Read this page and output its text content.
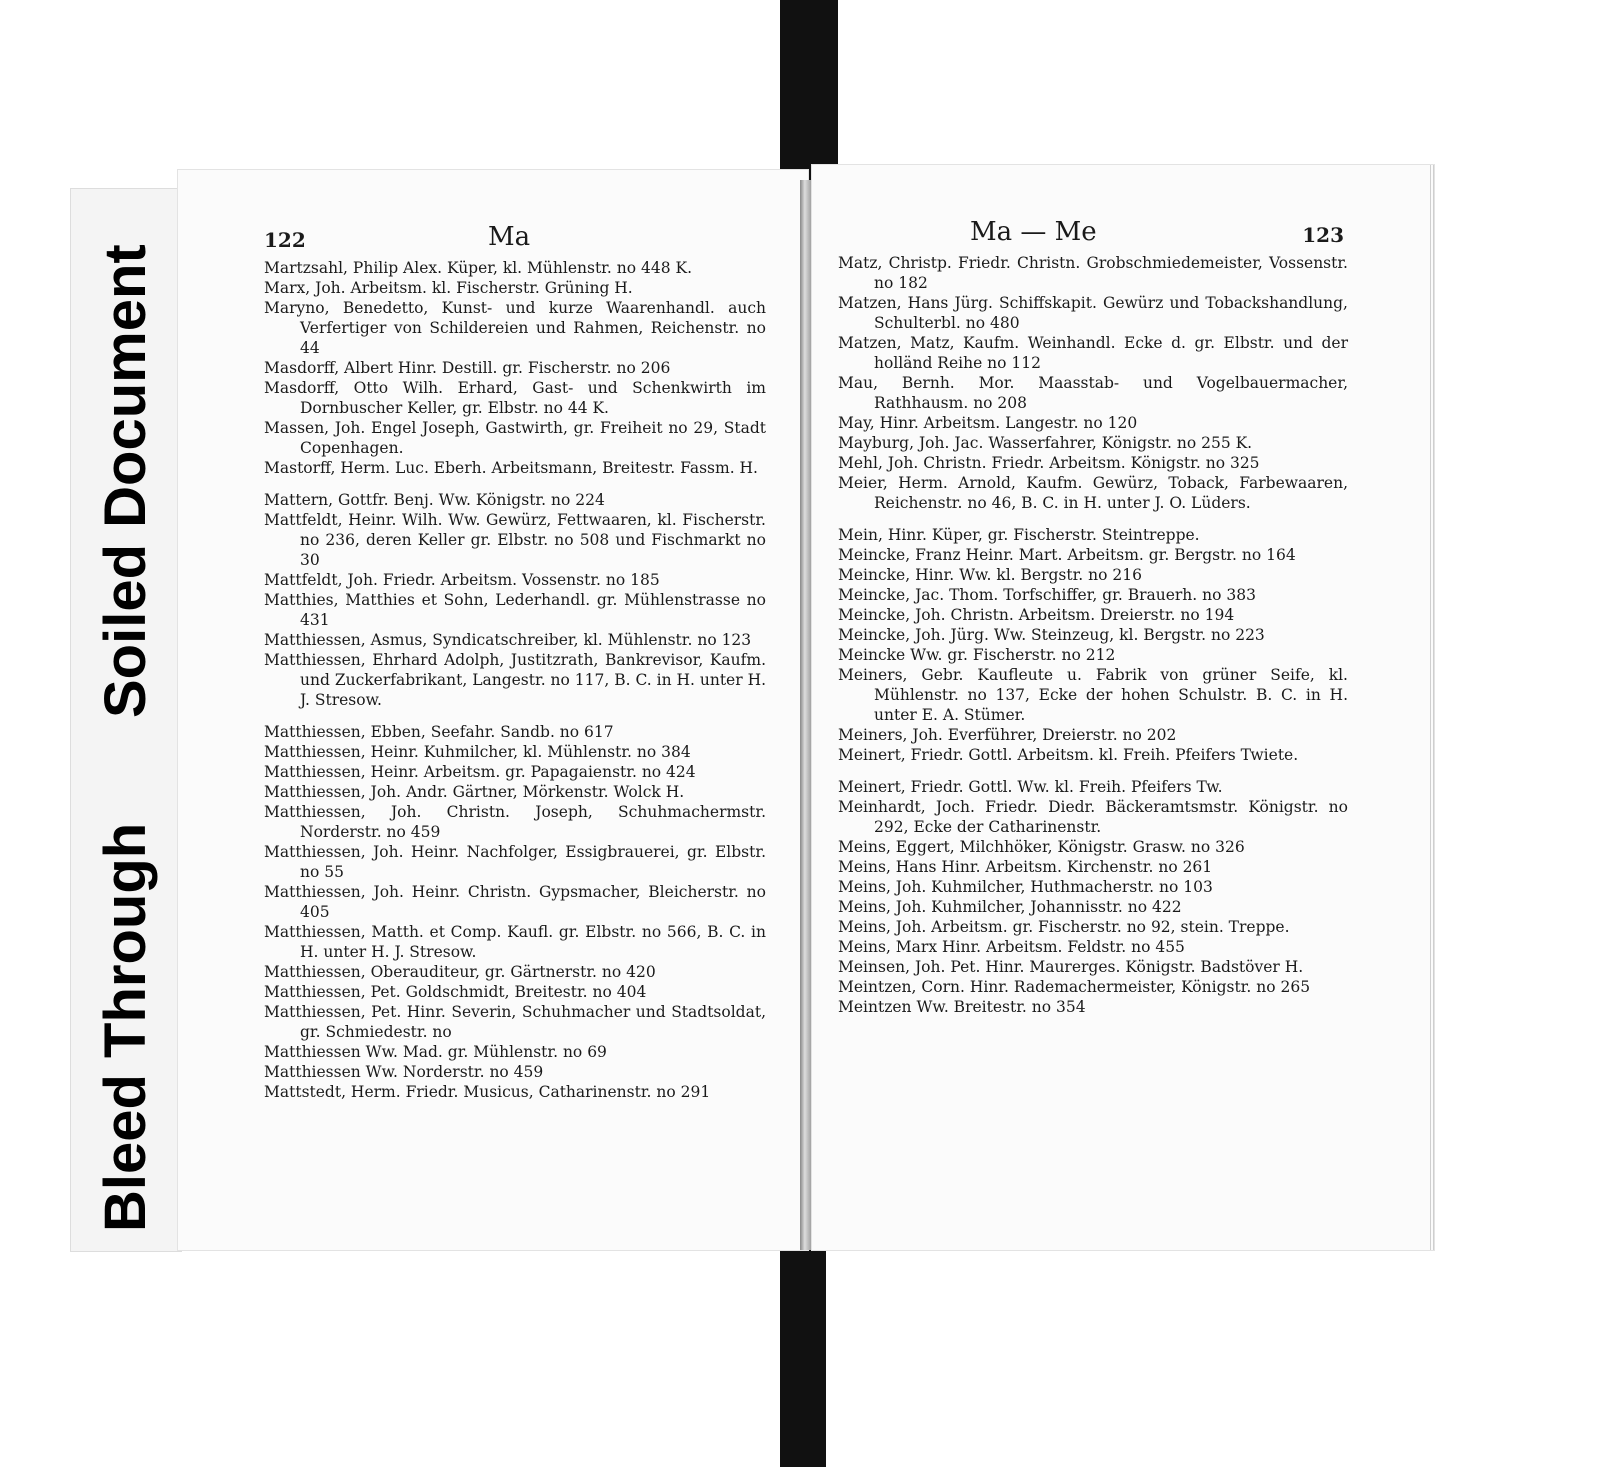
Soiled Document
Bleed Through
122	Ma

Martzsahl, Philip Alex. Küper, kl. Mühlenstr. no 448 K.

Marx, Joh. Arbeitsm. kl. Fischerstr. Grüning H.

Maryno, Benedetto, Kunst- und kurze Waarenhandl. auch Verfertiger von Schildereien und Rahmen, Reichenstr. no 44

Masdorff, Albert Hinr. Destill. gr. Fischerstr. no 206

Masdorff, Otto Wilh. Erhard, Gast- und Schenkwirth im Dornbuscher Keller, gr. Elbstr. no 44 K.

Massen, Joh. Engel Joseph, Gastwirth, gr. Freiheit no 29, Stadt Copenhagen.

Mastorff, Herm. Luc. Eberh. Arbeitsmann, Breitestr. Fassm. H.

Mattern, Gottfr. Benj. Ww. Königstr. no 224

Mattfeldt, Heinr. Wilh. Ww. Gewürz, Fettwaaren, kl. Fischerstr. no 236, deren Keller gr. Elbstr. no 508 und Fischmarkt no 30

Mattfeldt, Joh. Friedr. Arbeitsm. Vossenstr. no 185

Matthies, Matthies et Sohn, Lederhandl. gr. Mühlenstrasse no 431

Matthiessen, Asmus, Syndicatschreiber, kl. Mühlenstr. no 123

Matthiessen, Ehrhard Adolph, Justitzrath, Bankrevisor, Kaufm. und Zuckerfabrikant, Langestr. no 117, B. C. in H. unter H. J. Stresow.

Matthiessen, Ebben, Seefahr. Sandb. no 617

Matthiessen, Heinr. Kuhmilcher, kl. Mühlenstr. no 384

Matthiessen, Heinr. Arbeitsm. gr. Papagaienstr. no 424

Matthiessen, Joh. Andr. Gärtner, Mörkenstr. Wolck H.

Matthiessen, Joh. Christn. Joseph, Schuhmachermstr. Norderstr. no 459

Matthiessen, Joh. Heinr. Nachfolger, Essigbrauerei, gr. Elbstr. no 55

Matthiessen, Joh. Heinr. Christn. Gypsmacher, Bleicherstr. no 405

Matthiessen, Matth. et Comp. Kaufl. gr. Elbstr. no 566, B. C. in H. unter H. J. Stresow.

Matthiessen, Oberauditeur, gr. Gärtnerstr. no 420

Matthiessen, Pet. Goldschmidt, Breitestr. no 404

Matthiessen, Pet. Hinr. Severin, Schuhmacher und Stadtsoldat, gr. Schmiedestr. no

Matthiessen Ww. Mad. gr. Mühlenstr. no 69

Matthiessen Ww. Norderstr. no 459

Mattstedt, Herm. Friedr. Musicus, Catharinenstr. no 291

Ma — Me	123

Matz, Christp. Friedr. Christn. Grobschmiedemeister, Vossenstr. no 182

Matzen, Hans Jürg. Schiffskapit. Gewürz und Tobackshandlung, Schulterbl. no 480

Matzen, Matz, Kaufm. Weinhandl. Ecke d. gr. Elbstr. und der holländ Reihe no 112

Mau, Bernh. Mor. Maasstab- und Vogelbauermacher, Rathhausm. no 208

May, Hinr. Arbeitsm. Langestr. no 120

Mayburg, Joh. Jac. Wasserfahrer, Königstr. no 255 K.

Mehl, Joh. Christn. Friedr. Arbeitsm. Königstr. no 325

Meier, Herm. Arnold, Kaufm. Gewürz, Toback, Farbewaaren, Reichenstr. no 46, B. C. in H. unter J. O. Lüders.

Mein, Hinr. Küper, gr. Fischerstr. Steintreppe.

Meincke, Franz Heinr. Mart. Arbeitsm. gr. Bergstr. no 164

Meincke, Hinr. Ww. kl. Bergstr. no 216

Meincke, Jac. Thom. Torfschiffer, gr. Brauerh. no 383

Meincke, Joh. Christn. Arbeitsm. Dreierstr. no 194

Meincke, Joh. Jürg. Ww. Steinzeug, kl. Bergstr. no 223

Meincke Ww. gr. Fischerstr. no 212

Meiners, Gebr. Kaufleute u. Fabrik von grüner Seife, kl. Mühlenstr. no 137, Ecke der hohen Schulstr. B. C. in H. unter E. A. Stümer.

Meiners, Joh. Everführer, Dreierstr. no 202

Meinert, Friedr. Gottl. Arbeitsm. kl. Freih. Pfeifers Twiete.

Meinert, Friedr. Gottl. Ww. kl. Freih. Pfeifers Tw.

Meinhardt, Joch. Friedr. Diedr. Bäckeramtsmstr. Königstr. no 292, Ecke der Catharinenstr.

Meins, Eggert, Milchhöker, Königstr. Grasw. no 326

Meins, Hans Hinr. Arbeitsm. Kirchenstr. no 261

Meins, Joh. Kuhmilcher, Huthmacherstr. no 103

Meins, Joh. Kuhmilcher, Johannisstr. no 422

Meins, Joh. Arbeitsm. gr. Fischerstr. no 92, stein. Treppe.

Meins, Marx Hinr. Arbeitsm. Feldstr. no 455

Meinsen, Joh. Pet. Hinr. Maurerges. Königstr. Badstöver H.

Meintzen, Corn. Hinr. Rademachermeister, Königstr. no 265

Meintzen Ww. Breitestr. no 354
